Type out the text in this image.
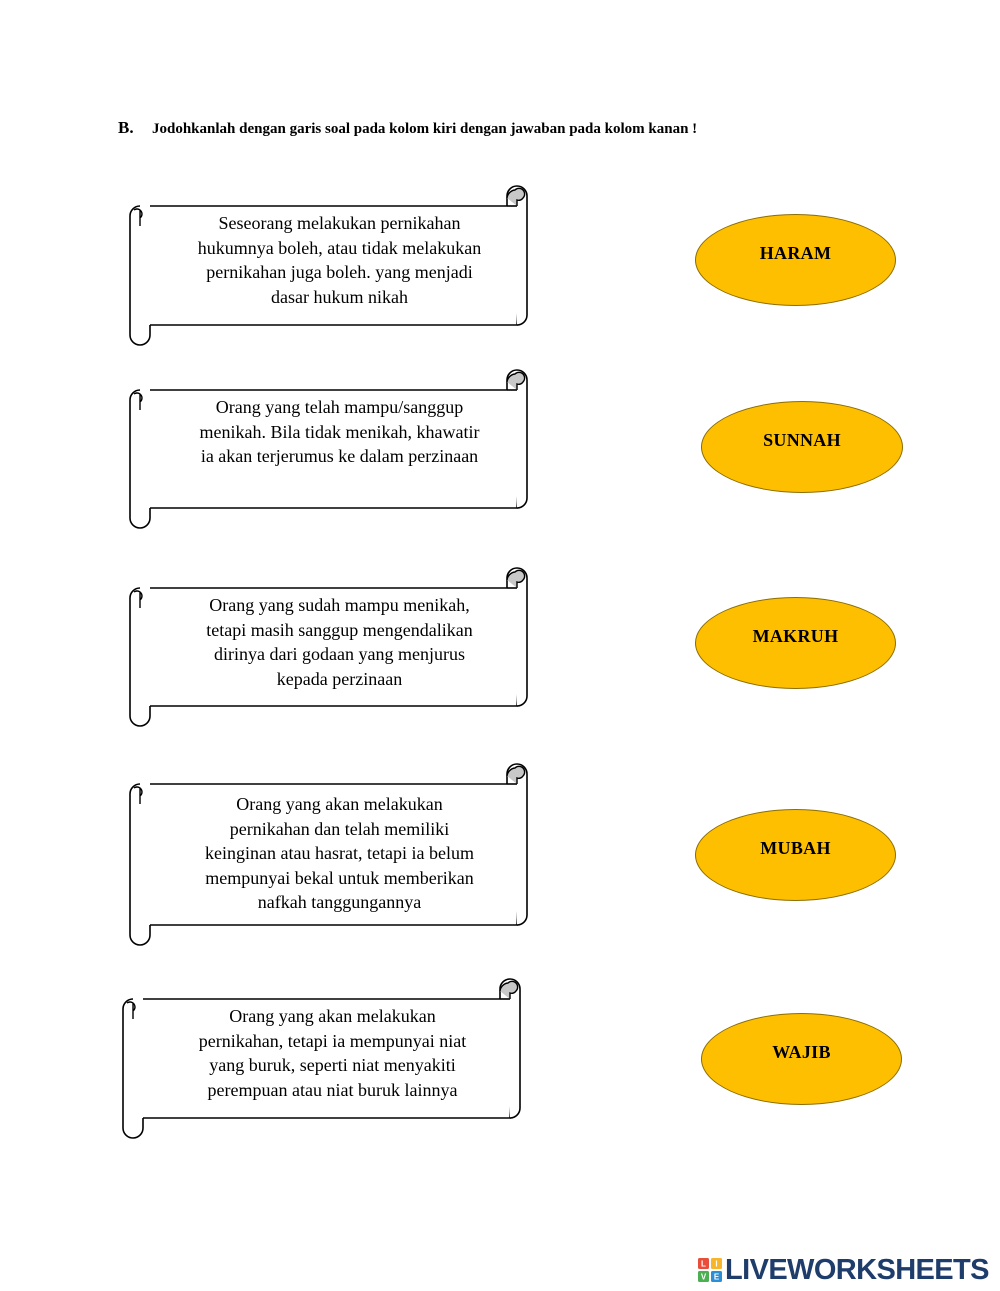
B. Jodohkanlah dengan garis soal pada kolom kiri dengan jawaban pada kolom kanan !
Seseorang melakukan pernikahan
hukumnya boleh, atau tidak melakukan
pernikahan juga boleh. yang menjadi
dasar hukum nikah
Orang yang telah mampu/sanggup
menikah. Bila tidak menikah, khawatir
ia akan terjerumus ke dalam perzinaan
Orang yang sudah mampu menikah,
tetapi masih sanggup mengendalikan
dirinya dari godaan yang menjurus
kepada perzinaan
Orang yang akan melakukan
pernikahan dan telah memiliki
keinginan atau hasrat, tetapi ia belum
mempunyai bekal untuk memberikan
nafkah tanggungannya
Orang yang akan melakukan
pernikahan, tetapi ia mempunyai niat
yang buruk, seperti niat menyakiti
perempuan atau niat buruk lainnya
HARAM
SUNNAH
MAKRUH
MUBAH
WAJIB
L I
V E LIVEWORKSHEETS
